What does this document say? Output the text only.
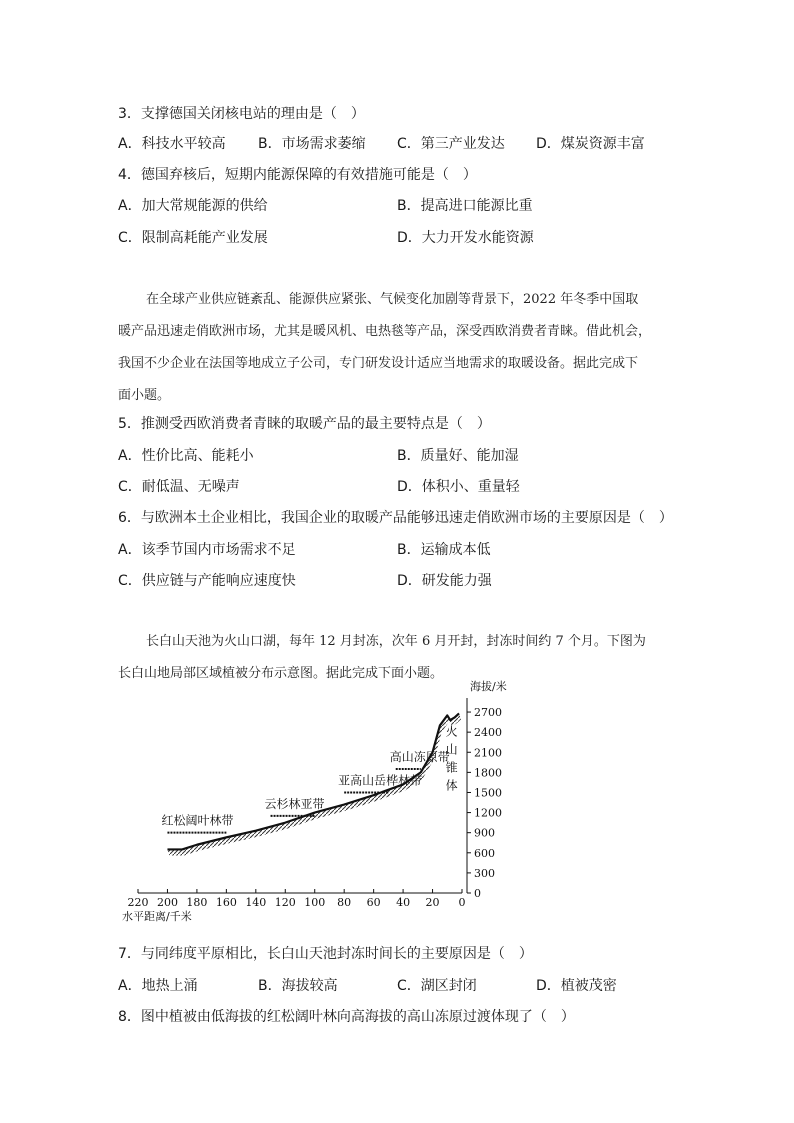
3．支撑德国关闭核电站的理由是（　）
A．科技水平较高 B．市场需求萎缩 C．第三产业发达 D．煤炭资源丰富
4．德国弃核后，短期内能源保障的有效措施可能是（　）
A．加大常规能源的供给	B．提高进口能源比重
C．限制高耗能产业发展	D．大力开发水能资源
在全球产业供应链紊乱、能源供应紧张、气候变化加剧等背景下，2022 年冬季中国取
暖产品迅速走俏欧洲市场，尤其是暖风机、电热毯等产品，深受西欧消费者青睐。借此机会，
我国不少企业在法国等地成立子公司，专门研发设计适应当地需求的取暖设备。据此完成下
面小题。
5．推测受西欧消费者青睐的取暖产品的最主要特点是（　）
A．性价比高、能耗小	B．质量好、能加湿
C．耐低温、无噪声	D．体积小、重量轻
6．与欧洲本土企业相比，我国企业的取暖产品能够迅速走俏欧洲市场的主要原因是（　）
A．该季节国内市场需求不足	B．运输成本低
C．供应链与产能响应速度快	D．研发能力强
长白山天池为火山口湖，每年 12 月封冻，次年 6 月开封，封冻时间约 7 个月。下图为
长白山地局部区域植被分布示意图。据此完成下面小题。
220 200 180 160 140 120 100 80 60 40 20 0
水平距离/千米
0
300
600
900
1200
1500
1800
2100
2400
2700
海拔/米
红松阔叶林带
云杉林亚带
亚高山岳桦林带
高山冻原带
火
山
锥
体
7．与同纬度平原相比，长白山天池封冻时间长的主要原因是（　）
A．地热上涌	B．海拔较高	C．湖区封闭	D．植被茂密
8．图中植被由低海拔的红松阔叶林向高海拔的高山冻原过渡体现了（　）
